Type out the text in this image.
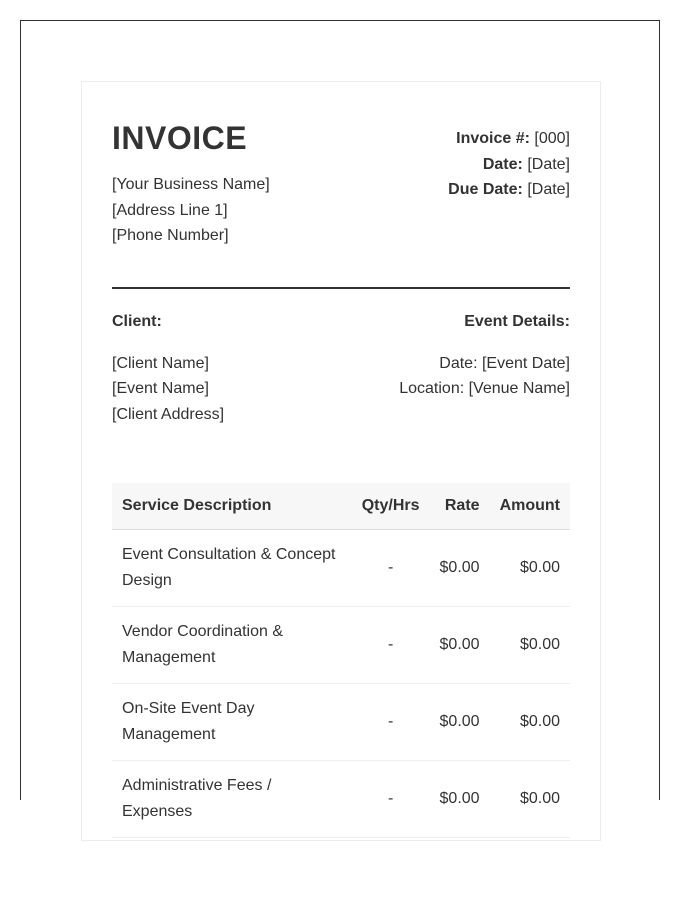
INVOICE
[Your Business Name]
[Address Line 1]
[Phone Number]
Invoice #: [000]
Date: [Date]
Due Date: [Date]
Client:
[Client Name]
[Event Name]
[Client Address]
Event Details:
Date: [Event Date]
Location: [Venue Name]
Service Description	Qty/Hrs	Rate	Amount
Event Consultation & Concept Design	-	$0.00	$0.00
Vendor Coordination & Management	-	$0.00	$0.00
On-Site Event Day Management	-	$0.00	$0.00
Administrative Fees / Expenses	-	$0.00	$0.00
